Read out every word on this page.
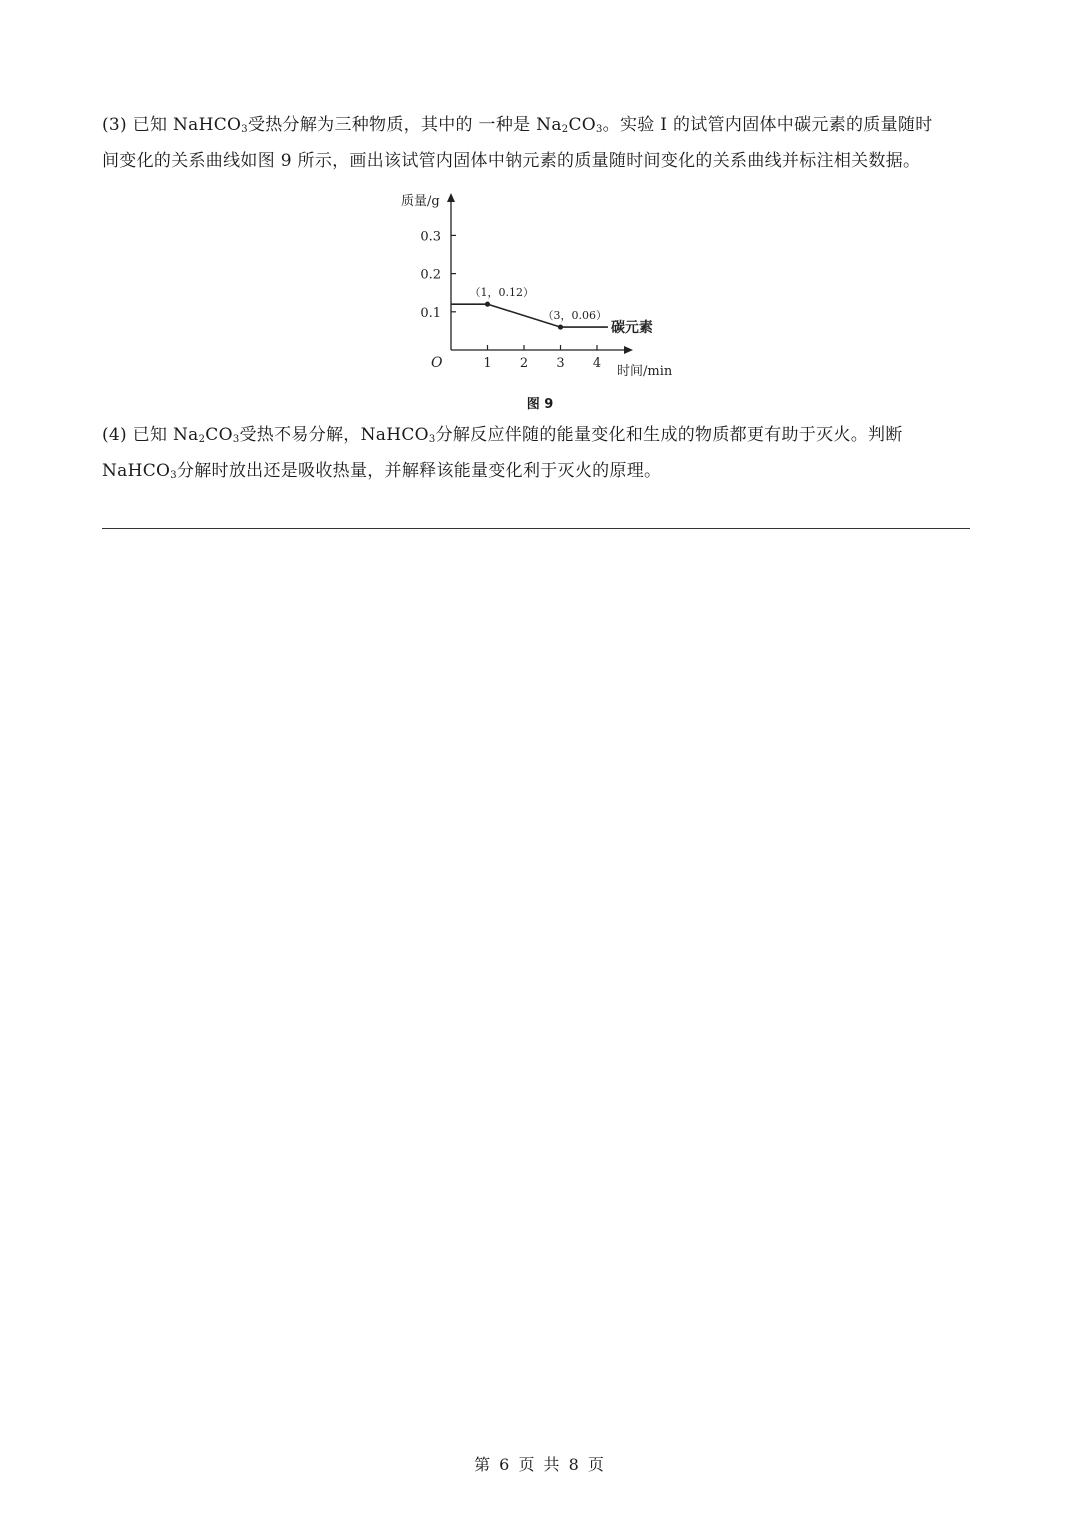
(3) 已知 NaHCO$_3$受热分解为三种物质，其中的 一种是 $Na_2CO_3$。实验 I 的试管内固体中碳元素的质量随时
间变化的关系曲线如图 9 所示，画出该试管内固体中钠元素的质量随时间变化的关系曲线并标注相关数据。
1 2 3 4
0.1
0.2
0.3
碳元素
（1，0.12）
（3，0.06）
质量/g
时间/min
O
图 9
(4) 已知 $Na_2CO_3$受热不易分解，NaHCO$_3$分解反应伴随的能量变化和生成的物质都更有助于灭火。判断
NaHCO$_3$分解时放出还是吸收热量，并解释该能量变化利于灭火的原理。
第 6 页 共 8 页
